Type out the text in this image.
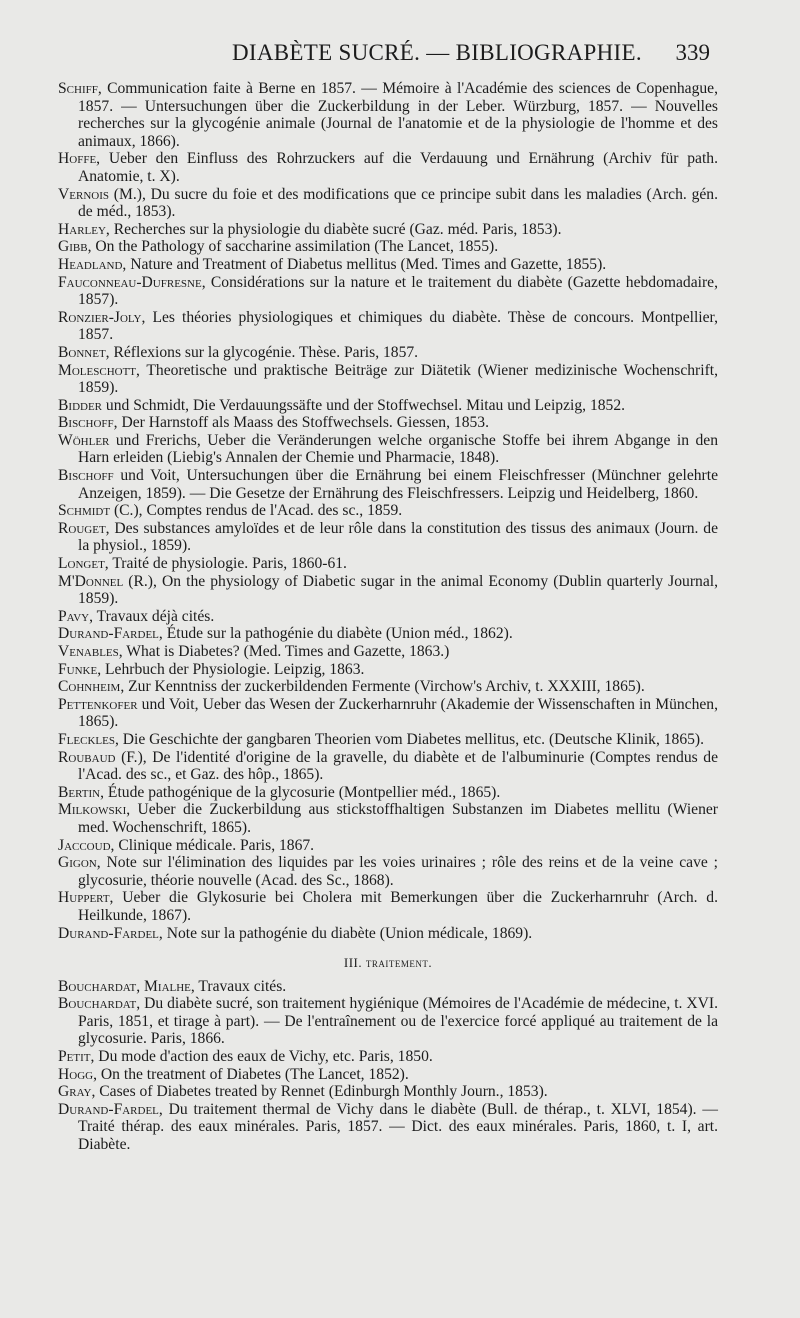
DIABÈTE SUCRÉ. — BIBLIOGRAPHIE. 339

Schiff, Communication faite à Berne en 1857. — Mémoire à l'Académie des sciences de Copenhague, 1857. — Untersuchungen über die Zuckerbildung in der Leber. Würzburg, 1857. — Nouvelles recherches sur la glycogénie animale (Journal de l'anatomie et de la physiologie de l'homme et des animaux, 1866).

Hoffe, Ueber den Einfluss des Rohrzuckers auf die Verdauung und Ernährung (Archiv für path. Anatomie, t. X).

Vernois (M.), Du sucre du foie et des modifications que ce principe subit dans les maladies (Arch. gén. de méd., 1853).

Harley, Recherches sur la physiologie du diabète sucré (Gaz. méd. Paris, 1853).

Gibb, On the Pathology of saccharine assimilation (The Lancet, 1855).

Headland, Nature and Treatment of Diabetus mellitus (Med. Times and Gazette, 1855).

Fauconneau-Dufresne, Considérations sur la nature et le traitement du diabète (Gazette hebdomadaire, 1857).

Ronzier-Joly, Les théories physiologiques et chimiques du diabète. Thèse de concours. Montpellier, 1857.

Bonnet, Réflexions sur la glycogénie. Thèse. Paris, 1857.

Moleschott, Theoretische und praktische Beiträge zur Diätetik (Wiener medizinische Wochenschrift, 1859).

Bidder und Schmidt, Die Verdauungssäfte und der Stoffwechsel. Mitau und Leipzig, 1852.

Bischoff, Der Harnstoff als Maass des Stoffwechsels. Giessen, 1853.

Wöhler und Frerichs, Ueber die Veränderungen welche organische Stoffe bei ihrem Abgange in den Harn erleiden (Liebig's Annalen der Chemie und Pharmacie, 1848).

Bischoff und Voit, Untersuchungen über die Ernährung bei einem Fleischfresser (Münchner gelehrte Anzeigen, 1859). — Die Gesetze der Ernährung des Fleischfressers. Leipzig und Heidelberg, 1860.

Schmidt (C.), Comptes rendus de l'Acad. des sc., 1859.

Rouget, Des substances amyloïdes et de leur rôle dans la constitution des tissus des animaux (Journ. de la physiol., 1859).

Longet, Traité de physiologie. Paris, 1860-61.

M'Donnel (R.), On the physiology of Diabetic sugar in the animal Economy (Dublin quarterly Journal, 1859).

Pavy, Travaux déjà cités.

Durand-Fardel, Étude sur la pathogénie du diabète (Union méd., 1862).

Venables, What is Diabetes? (Med. Times and Gazette, 1863.)

Funke, Lehrbuch der Physiologie. Leipzig, 1863.

Cohnheim, Zur Kenntniss der zuckerbildenden Fermente (Virchow's Archiv, t. XXXIII, 1865).

Pettenkofer und Voit, Ueber das Wesen der Zuckerharnruhr (Akademie der Wissenschaften in München, 1865).

Fleckles, Die Geschichte der gangbaren Theorien vom Diabetes mellitus, etc. (Deutsche Klinik, 1865).

Roubaud (F.), De l'identité d'origine de la gravelle, du diabète et de l'albuminurie (Comptes rendus de l'Acad. des sc., et Gaz. des hôp., 1865).

Bertin, Étude pathogénique de la glycosurie (Montpellier méd., 1865).

Milkowski, Ueber die Zuckerbildung aus stickstoffhaltigen Substanzen im Diabetes mellitu (Wiener med. Wochenschrift, 1865).

Jaccoud, Clinique médicale. Paris, 1867.

Gigon, Note sur l'élimination des liquides par les voies urinaires ; rôle des reins et de la veine cave ; glycosurie, théorie nouvelle (Acad. des Sc., 1868).

Huppert, Ueber die Glykosurie bei Cholera mit Bemerkungen über die Zuckerharnruhr (Arch. d. Heilkunde, 1867).

Durand-Fardel, Note sur la pathogénie du diabète (Union médicale, 1869).

III. traitement.

Bouchardat, Mialhe, Travaux cités.

Bouchardat, Du diabète sucré, son traitement hygiénique (Mémoires de l'Académie de médecine, t. XVI. Paris, 1851, et tirage à part). — De l'entraînement ou de l'exercice forcé appliqué au traitement de la glycosurie. Paris, 1866.

Petit, Du mode d'action des eaux de Vichy, etc. Paris, 1850.

Hogg, On the treatment of Diabetes (The Lancet, 1852).

Gray, Cases of Diabetes treated by Rennet (Edinburgh Monthly Journ., 1853).

Durand-Fardel, Du traitement thermal de Vichy dans le diabète (Bull. de thérap., t. XLVI, 1854). — Traité thérap. des eaux minérales. Paris, 1857. — Dict. des eaux minérales. Paris, 1860, t. I, art. Diabète.
